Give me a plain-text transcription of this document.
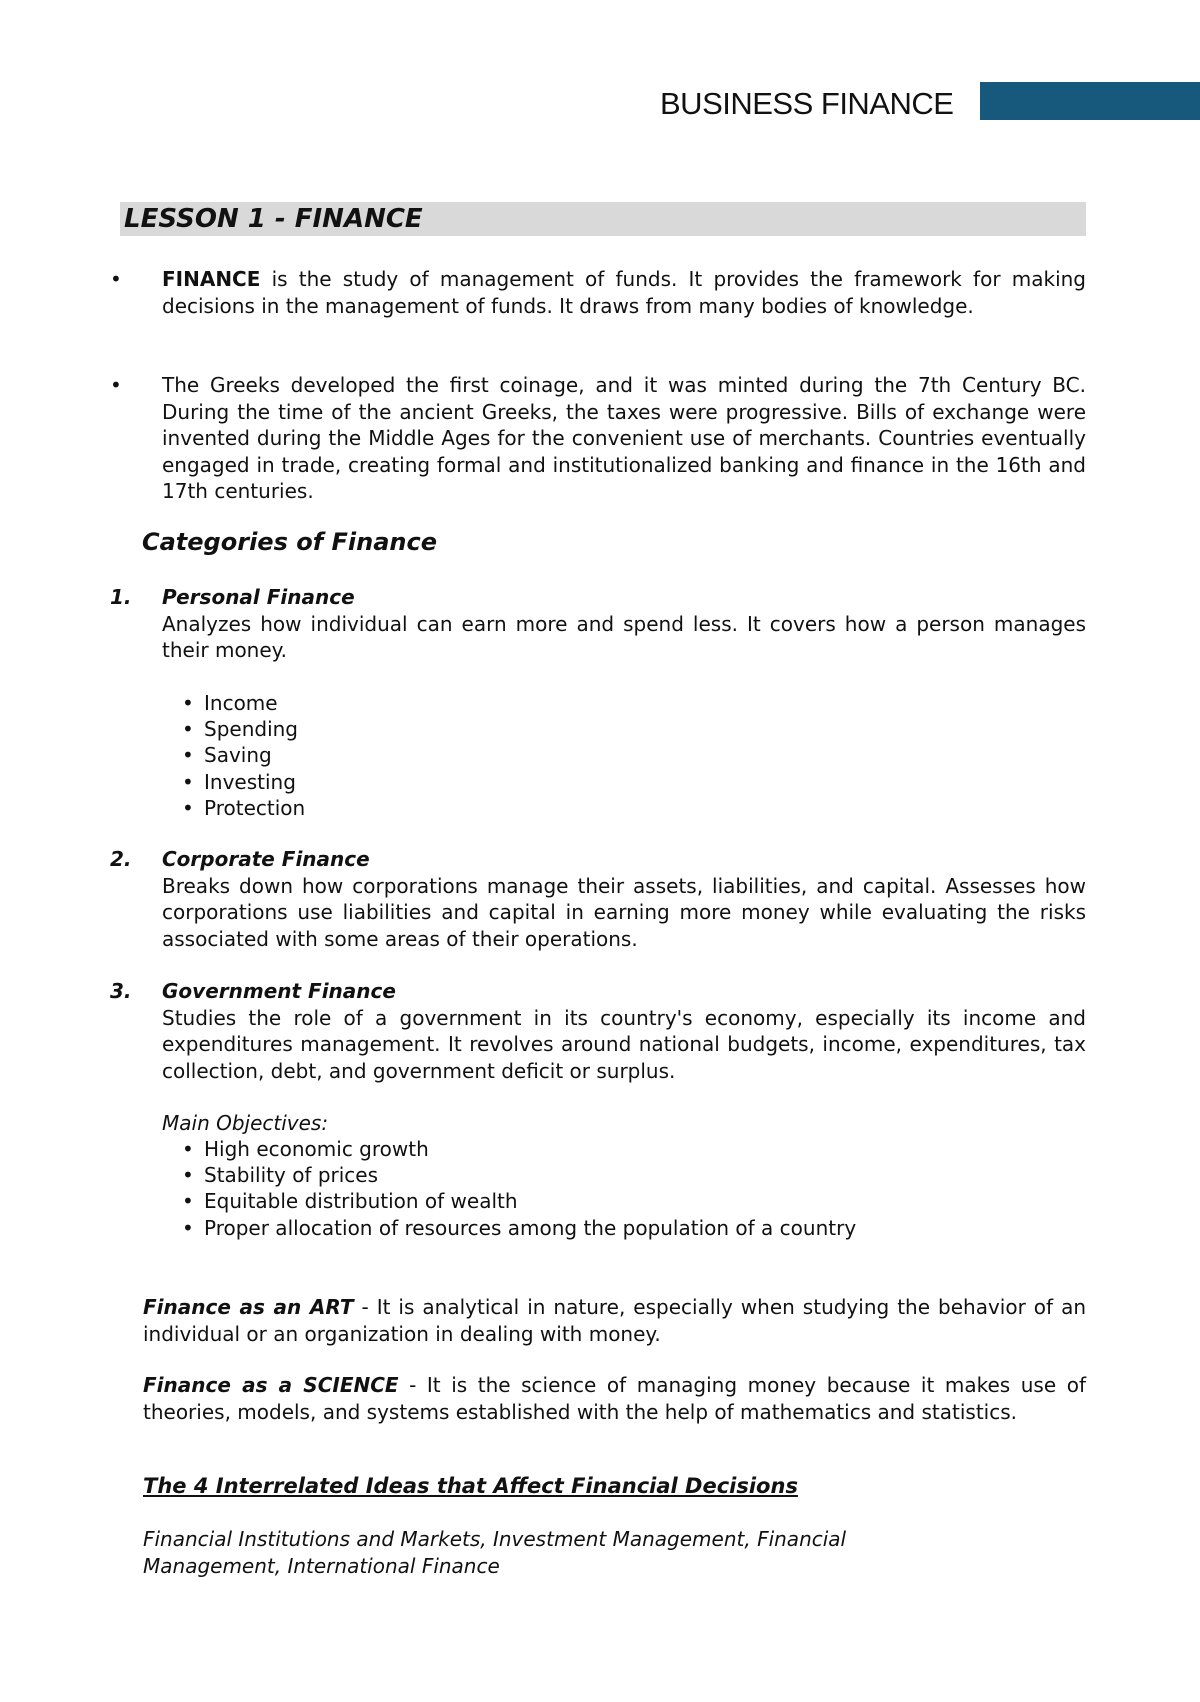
BUSINESS FINANCE
LESSON 1 - FINANCE
• FINANCE is the study of management of funds. It provides the framework for making decisions in the management of funds. It draws from many bodies of knowledge.

• The Greeks developed the first coinage, and it was minted during the 7th Century BC. During the time of the ancient Greeks, the taxes were progressive. Bills of exchange were invented during the Middle Ages for the convenient use of merchants. Countries eventually engaged in trade, creating formal and institutionalized banking and finance in the 16th and 17th centuries.

Categories of Finance
1. Personal Finance

Analyzes how individual can earn more and spend less. It covers how a person manages their money.

• Income
• Spending
• Saving
• Investing
• Protection
2. Corporate Finance

Breaks down how corporations manage their assets, liabilities, and capital. Assesses how corporations use liabilities and capital in earning more money while evaluating the risks associated with some areas of their operations.

3. Government Finance

Studies the role of a government in its country's economy, especially its income and expenditures management. It revolves around national budgets, income, expenditures, tax collection, debt, and government deficit or surplus.

Main Objectives:
• High economic growth
• Stability of prices
• Equitable distribution of wealth
• Proper allocation of resources among the population of a country

Finance as an ART - It is analytical in nature, especially when studying the behavior of an individual or an organization in dealing with money.

Finance as a SCIENCE - It is the science of managing money because it makes use of theories, models, and systems established with the help of mathematics and statistics.

The 4 Interrelated Ideas that Affect Financial Decisions

Financial Institutions and Markets, Investment Management, Financial Management, International Finance
